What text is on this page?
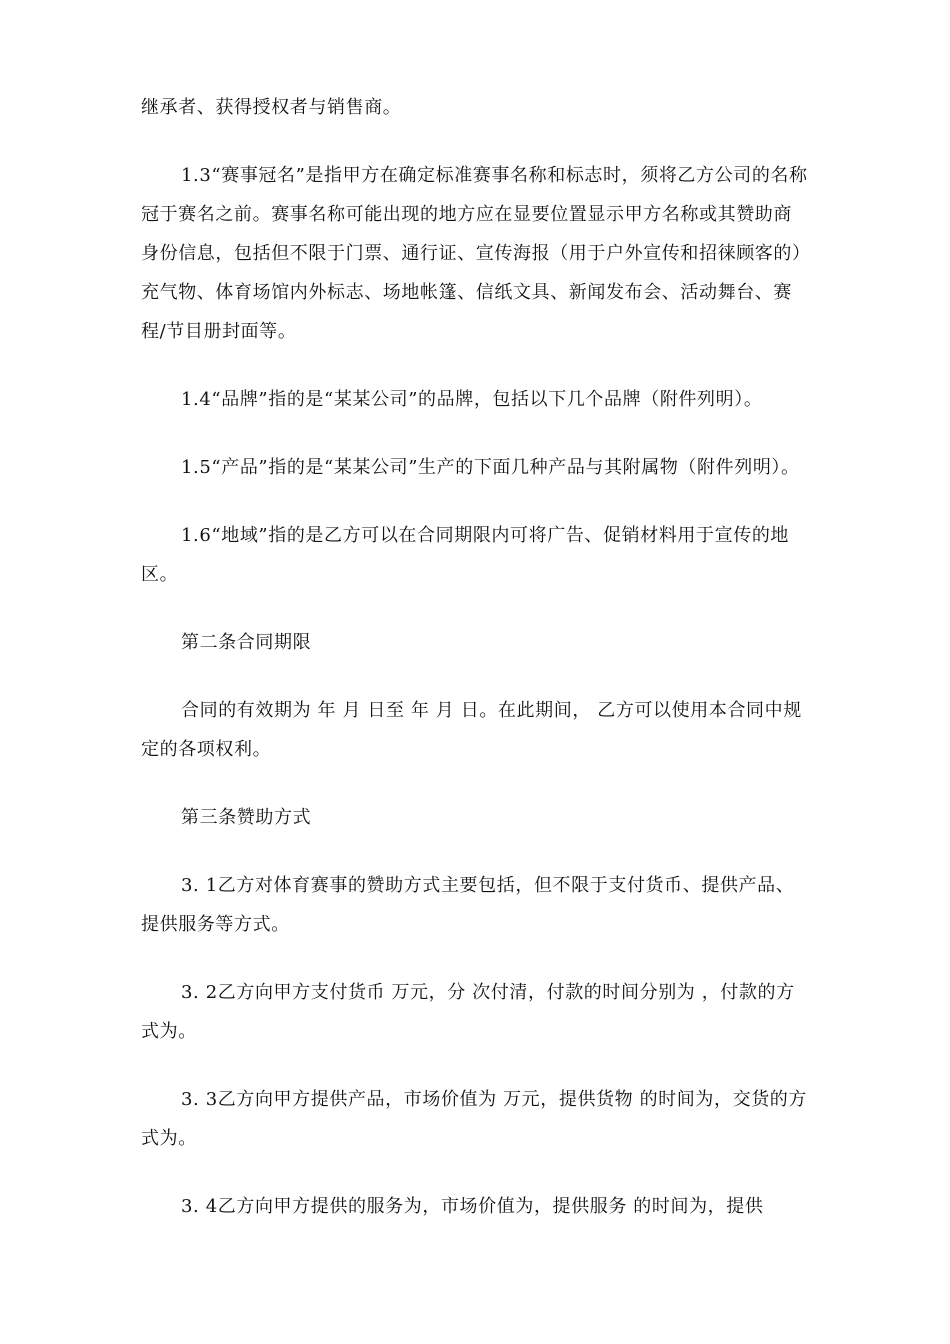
继承者、获得授权者与销售商。

1.3“赛事冠名”是指甲方在确定标准赛事名称和标志时，须将乙方公司的名称冠于赛名之前。赛事名称可能出现的地方应在显要位置显示甲方名称或其赞助商身份信息，包括但不限于门票、通行证、宣传海报（用于户外宣传和招徕顾客的）充气物、体育场馆内外标志、场地帐篷、信纸文具、新闻发布会、活动舞台、赛程/节目册封面等。

1.4“品牌”指的是“某某公司”的品牌，包括以下几个品牌（附件列明）。

1.5“产品”指的是“某某公司”生产的下面几种产品与其附属物（附件列明）。

1.6“地域”指的是乙方可以在合同期限内可将广告、促销材料用于宣传的地区。

第二条合同期限

合同的有效期为 年 月 日至 年 月 日。在此期间， 乙方可以使用本合同中规定的各项权利。

第三条赞助方式

3. 1乙方对体育赛事的赞助方式主要包括，但不限于支付货币、提供产品、提供服务等方式。

3. 2乙方向甲方支付货币 万元，分 次付清，付款的时间分别为 ，付款的方式为。

3. 3乙方向甲方提供产品，市场价值为 万元，提供货物 的时间为，交货的方式为。

3. 4乙方向甲方提供的服务为，市场价值为，提供服务 的时间为，提供
